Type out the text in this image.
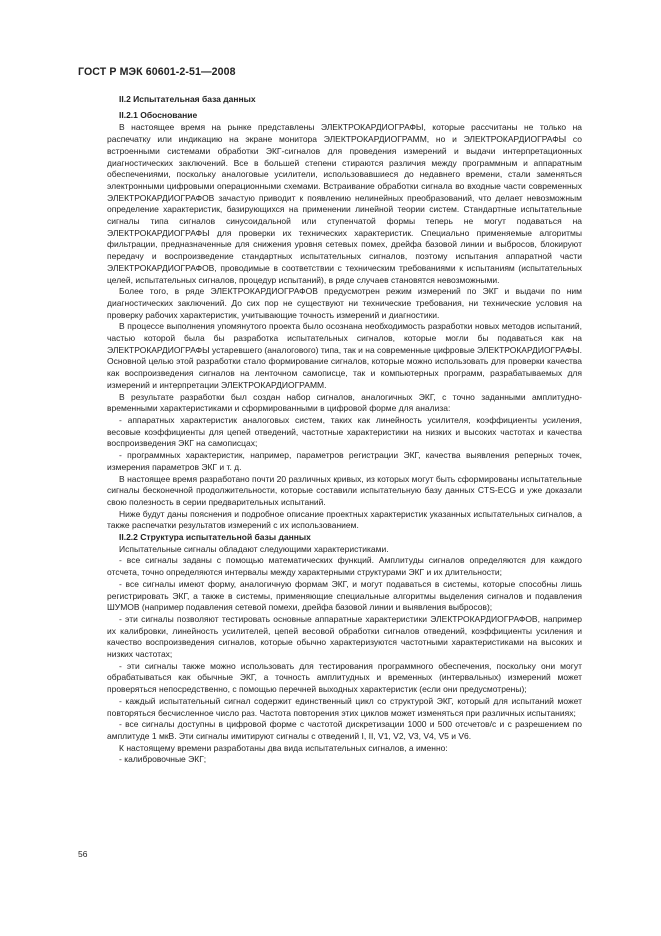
ГОСТ Р МЭК 60601-2-51—2008
II.2 Испытательная база данных
II.2.1 Обоснование

В настоящее время на рынке представлены ЭЛЕКТРОКАРДИОГРАФЫ, которые рассчитаны не только на распечатку или индикацию на экране монитора ЭЛЕКТРОКАРДИОГРАММ, но и ЭЛЕКТРОКАРДИОГРАФЫ со встроенными системами обработки ЭКГ-сигналов для проведения измерений и выдачи интерпретационных диагностических заключений. Все в большей степени стираются различия между программным и аппаратным обеспечениями, поскольку аналоговые усилители, использовавшиеся до недавнего времени, стали заменяться электронными цифровыми операционными схемами. Встраивание обработки сигнала во входные части современных ЭЛЕКТРОКАРДИОГРАФОВ зачастую приводит к появлению нелинейных преобразований, что делает невозможным определение характеристик, базирующихся на применении линейной теории систем. Стандартные испытательные сигналы типа сигналов синусоидальной или ступенчатой формы теперь не могут подаваться на ЭЛЕКТРОКАРДИОГРАФЫ для проверки их технических характеристик. Специально применяемые алгоритмы фильтрации, предназначенные для снижения уровня сетевых помех, дрейфа базовой линии и выбросов, блокируют передачу и воспроизведение стандартных испытательных сигналов, поэтому испытания аппаратной части ЭЛЕКТРОКАРДИОГРАФОВ, проводимые в соответствии с техническим требованиями к испытаниям (испытательных целей, испытательных сигналов, процедур испытаний), в ряде случаев становятся невозможными.

Более того, в ряде ЭЛЕКТРОКАРДИОГРАФОВ предусмотрен режим измерений по ЭКГ и выдачи по ним диагностических заключений. До сих пор не существуют ни технические требования, ни технические условия на проверку рабочих характеристик, учитывающие точность измерений и диагностики.

В процессе выполнения упомянутого проекта было осознана необходимость разработки новых методов испытаний, частью которой была бы разработка испытательных сигналов, которые могли бы подаваться как на ЭЛЕКТРОКАРДИОГРАФЫ устаревшего (аналогового) типа, так и на современные цифровые ЭЛЕКТРОКАРДИОГРАФЫ. Основной целью этой разработки стало формирование сигналов, которые можно использовать для проверки качества как воспроизведения сигналов на ленточном самописце, так и компьютерных программ, разрабатываемых для измерений и интерпретации ЭЛЕКТРОКАРДИОГРАММ.

В результате разработки был создан набор сигналов, аналогичных ЭКГ, с точно заданными амплитудно-временными характеристиками и сформированными в цифровой форме для анализа:

- аппаратных характеристик аналоговых систем, таких как линейность усилителя, коэффициенты усиления, весовые коэффициенты для цепей отведений, частотные характеристики на низких и высоких частотах и качества воспроизведения ЭКГ на самописцах;

- программных характеристик, например, параметров регистрации ЭКГ, качества выявления реперных точек, измерения параметров ЭКГ и т. д.

В настоящее время разработано почти 20 различных кривых, из которых могут быть сформированы испытательные сигналы бесконечной продолжительности, которые составили испытательную базу данных CTS-ECG и уже доказали свою полезность в серии предварительных испытаний.

Ниже будут даны пояснения и подробное описание проектных характеристик указанных испытательных сигналов, а также распечатки результатов измерений с их использованием.

II.2.2 Структура испытательной базы данных

Испытательные сигналы обладают следующими характеристиками.

- все сигналы заданы с помощью математических функций. Амплитуды сигналов определяются для каждого отсчета, точно определяются интервалы между характерными структурами ЭКГ и их длительности;

- все сигналы имеют форму, аналогичную формам ЭКГ, и могут подаваться в системы, которые способны лишь регистрировать ЭКГ, а также в системы, применяющие специальные алгоритмы выделения сигналов и подавления ШУМОВ (например подавления сетевой помехи, дрейфа базовой линии и выявления выбросов);

- эти сигналы позволяют тестировать основные аппаратные характеристики ЭЛЕКТРОКАРДИОГРАФОВ, например их калибровки, линейность усилителей, цепей весовой обработки сигналов отведений, коэффициенты усиления и качество воспроизведения сигналов, которые обычно характеризуются частотными характеристиками на высоких и низких частотах;

- эти сигналы также можно использовать для тестирования программного обеспечения, поскольку они могут обрабатываться как обычные ЭКГ, а точность амплитудных и временных (интервальных) измерений может проверяться непосредственно, с помощью перечней выходных характеристик (если они предусмотрены);

- каждый испытательный сигнал содержит единственный цикл со структурой ЭКГ, который для испытаний может повторяться бесчисленное число раз. Частота повторения этих циклов может изменяться при различных испытаниях;

- все сигналы доступны в цифровой форме с частотой дискретизации 1000 и 500 отсчетов/с и с разрешением по амплитуде 1 мкВ. Эти сигналы имитируют сигналы с отведений I, II, V1, V2, V3, V4, V5 и V6.

К настоящему времени разработаны два вида испытательных сигналов, а именно:

- калибровочные ЭКГ;

56
